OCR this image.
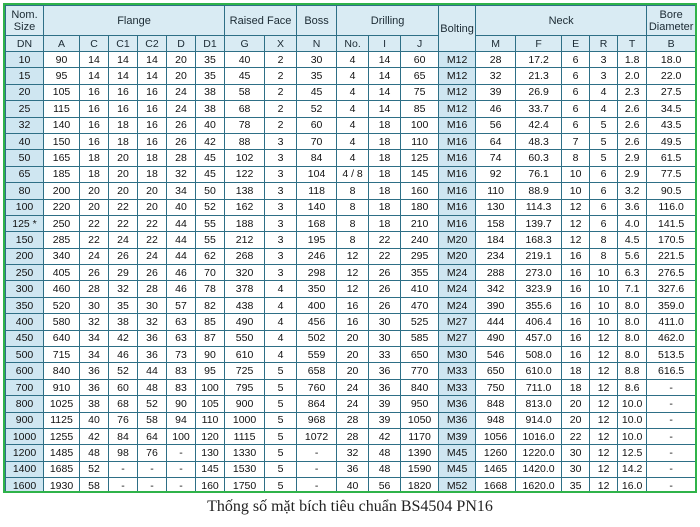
Nom. Size	Flange						Raised Face		Boss	Drilling			Bolting	Neck					Bore Diameter
DN	A	C	C1	C2	D	D1	G	X	N	No.	I	J		M	F	E	R	T	B
10	90	14	14	14	20	35	40	2	30	4	14	60	M12	28	17.2	6	3	1.8	18.0
15	95	14	14	14	20	35	45	2	35	4	14	65	M12	32	21.3	6	3	2.0	22.0
20	105	16	16	16	24	38	58	2	45	4	14	75	M12	39	26.9	6	4	2.3	27.5
25	115	16	16	16	24	38	68	2	52	4	14	85	M12	46	33.7	6	4	2.6	34.5
32	140	16	18	16	26	40	78	2	60	4	18	100	M16	56	42.4	6	5	2.6	43.5
40	150	16	18	16	26	42	88	3	70	4	18	110	M16	64	48.3	7	5	2.6	49.5
50	165	18	20	18	28	45	102	3	84	4	18	125	M16	74	60.3	8	5	2.9	61.5
65	185	18	20	18	32	45	122	3	104	4 / 8	18	145	M16	92	76.1	10	6	2.9	77.5
80	200	20	20	20	34	50	138	3	118	8	18	160	M16	110	88.9	10	6	3.2	90.5
100	220	20	22	20	40	52	162	3	140	8	18	180	M16	130	114.3	12	6	3.6	116.0
125 *	250	22	22	22	44	55	188	3	168	8	18	210	M16	158	139.7	12	6	4.0	141.5
150	285	22	24	22	44	55	212	3	195	8	22	240	M20	184	168.3	12	8	4.5	170.5
200	340	24	26	24	44	62	268	3	246	12	22	295	M20	234	219.1	16	8	5.6	221.5
250	405	26	29	26	46	70	320	3	298	12	26	355	M24	288	273.0	16	10	6.3	276.5
300	460	28	32	28	46	78	378	4	350	12	26	410	M24	342	323.9	16	10	7.1	327.6
350	520	30	35	30	57	82	438	4	400	16	26	470	M24	390	355.6	16	10	8.0	359.0
400	580	32	38	32	63	85	490	4	456	16	30	525	M27	444	406.4	16	10	8.0	411.0
450	640	34	42	36	63	87	550	4	502	20	30	585	M27	490	457.0	16	12	8.0	462.0
500	715	34	46	36	73	90	610	4	559	20	33	650	M30	546	508.0	16	12	8.0	513.5
600	840	36	52	44	83	95	725	5	658	20	36	770	M33	650	610.0	18	12	8.8	616.5
700	910	36	60	48	83	100	795	5	760	24	36	840	M33	750	711.0	18	12	8.6	-
800	1025	38	68	52	90	105	900	5	864	24	39	950	M36	848	813.0	20	12	10.0	-
900	1125	40	76	58	94	110	1000	5	968	28	39	1050	M36	948	914.0	20	12	10.0	-
1000	1255	42	84	64	100	120	1115	5	1072	28	42	1170	M39	1056	1016.0	22	12	10.0	-
1200	1485	48	98	76	-	130	1330	5	-	32	48	1390	M45	1260	1220.0	30	12	12.5	-
1400	1685	52	-	-	-	145	1530	5	-	36	48	1590	M45	1465	1420.0	30	12	14.2	-
1600	1930	58	-	-	-	160	1750	5	-	40	56	1820	M52	1668	1620.0	35	12	16.0	-

Thống số mặt bích tiêu chuẩn BS4504 PN16
